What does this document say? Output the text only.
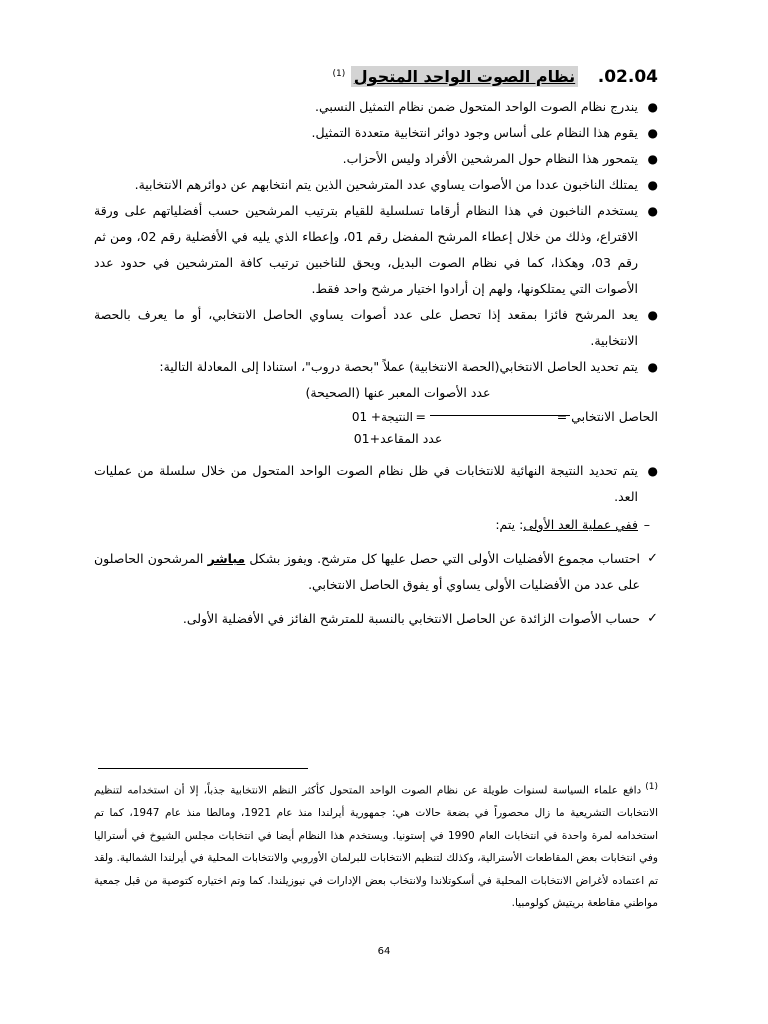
02.04. نظام الصوت الواحد المتحول $^{(1)}$

●
يندرج نظام الصوت الواحد المتحول ضمن نظام التمثيل النسبي.

●
يقوم هذا النظام على أساس وجود دوائر انتخابية متعددة التمثيل.

●
يتمحور هذا النظام حول المرشحين الأفراد وليس الأحزاب.

●
يمتلك الناخبون عددا من الأصوات يساوي عدد المترشحين الذين يتم انتخابهم عن دوائرهم الانتخابية.

●
يستخدم الناخبون في هذا النظام أرقاما تسلسلية للقيام بترتيب المرشحين حسب أفضلياتهم على ورقة الاقتراع، وذلك من خلال إعطاء المرشح المفضل رقم 01، وإعطاء الذي يليه في الأفضلية رقم 02، ومن ثم رقم 03، وهكذا، كما في نظام الصوت البديل، ويحق للناخبين ترتيب كافة المترشحين في حدود عدد الأصوات التي يمتلكونها، ولهم إن أرادوا اختيار مرشح واحد فقط.

●
يعد المرشح فائزا بمقعد إذا تحصل على عدد أصوات يساوي الحاصل الانتخابي، أو ما يعرف بالحصة الانتخابية.

●
يتم تحديد الحاصل الانتخابي(الحصة الانتخابية) عملاً "بحصة دروب"، استنادا إلى المعادلة التالية:

عدد الأصوات المعبر عنها (الصحيحة)
الحاصل الانتخابي =
=
النتيجة+ 01
عدد المقاعد+01

●
يتم تحديد النتيجة النهائية للانتخابات في ظل نظام الصوت الواحد المتحول من خلال سلسلة من عمليات العد.

–
ففي عملية العد الأولى: يتم:

✓
احتساب مجموع الأفضليات الأولى التي حصل عليها كل مترشح. ويفوز بشكل مباشر المرشحون الحاصلون على عدد من الأفضليات الأولى يساوي أو يفوق الحاصل الانتخابي.

✓
حساب الأصوات الزائدة عن الحاصل الانتخابي بالنسبة للمترشح الفائز في الأفضلية الأولى.

(1)دافع علماء السياسة لسنوات طويلة عن نظام الصوت الواحد المتحول كأكثر النظم الانتخابية جذباً، إلا أن استخدامه لتنظيم الانتخابات التشريعية ما زال محصوراً في بضعة حالات هي: جمهورية أيرلندا منذ عام 1921، ومالطا منذ عام 1947، كما تم استخدامه لمرة واحدة في انتخابات العام 1990 في إستونيا. ويستخدم هذا النظام أيضا في انتخابات مجلس الشيوخ في أستراليا وفي انتخابات بعض المقاطعات الأسترالية، وكذلك لتنظيم الانتخابات للبرلمان الأوروبي والانتخابات المحلية في أيرلندا الشمالية. ولقد تم اعتماده لأغراض الانتخابات المحلية في أسكوتلاندا ولانتخاب بعض الإدارات في نيوزيلندا. كما وتم اختياره كتوصية من قبل جمعية مواطني مقاطعة بريتيش كولومبيا.
64
